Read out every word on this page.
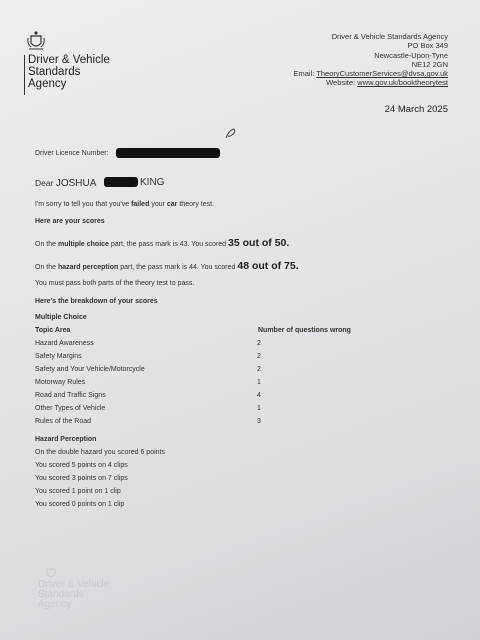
Driver & Vehicle
Standards
Agency
Driver & Vehicle Standards Agency
PO Box 349
Newcastle-Upon-Tyne
NE12 2GN
Email: TheoryCustomerServices@dvsa.gov.uk
Website: www.gov.uk/booktheorytest
24 March 2025
Driver Licence Number:
Dear JOSHUA	KING
I'm sorry to tell you that you've failed your car theory test.
Here are your scores
On the multiple choice part, the pass mark is 43. You scored 35 out of 50.
On the hazard perception part, the pass mark is 44. You scored 48 out of 75.
You must pass both parts of the theory test to pass.
Here's the breakdown of your scores
Multiple Choice
Topic Area	Number of questions wrong
Hazard Awareness	2
Safety Margins	2
Safety and Your Vehicle/Motorcycle	2
Motorway Rules	1
Road and Traffic Signs	4
Other Types of Vehicle	1
Rules of the Road	3
Hazard Perception
On the double hazard you scored 6 points
You scored 5 points on 4 clips
You scored 3 points on 7 clips
You scored 1 point on 1 clip
You scored 0 points on 1 clip
Driver & Vehicle
Standards
Agency
